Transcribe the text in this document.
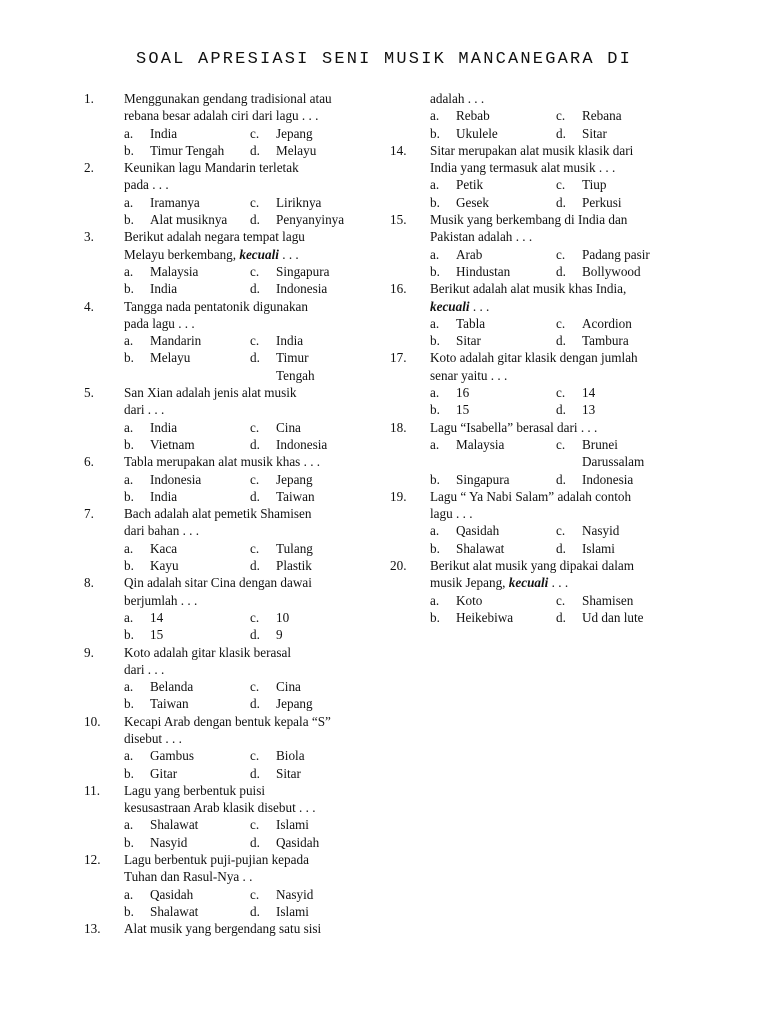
SOAL APRESIASI SENI MUSIK MANCANEGARA DI
1.	Menggunakan gendang tradisional atau
rebana besar adalah ciri dari lagu . . .
a.	India	c.	Jepang
b.	Timur Tengah	d.	Melayu
2.	Keunikan lagu Mandarin terletak
pada . . .
a.	Iramanya	c.	Liriknya
b.	Alat musiknya	d.	Penyanyinya
3.	Berikut adalah negara tempat lagu
Melayu berkembang, kecuali . . .
a.	Malaysia	c.	Singapura
b.	India	d.	Indonesia
4.	Tangga nada pentatonik digunakan
pada lagu . . .
a.	Mandarin	c.	India
b.	Melayu	d.	Timur
Tengah
5.	San Xian adalah jenis alat musik
dari . . .
a.	India	c.	Cina
b.	Vietnam	d.	Indonesia
6.	Tabla merupakan alat musik khas . . .
a.	Indonesia	c.	Jepang
b.	India	d.	Taiwan
7.	Bach adalah alat pemetik Shamisen
dari bahan . . .
a.	Kaca	c.	Tulang
b.	Kayu	d.	Plastik
8.	Qin adalah sitar Cina dengan dawai
berjumlah . . .
a.	14	c.	10
b.	15	d.	9
9.	Koto adalah gitar klasik berasal
dari . . .
a.	Belanda	c.	Cina
b.	Taiwan	d.	Jepang
10.	Kecapi Arab dengan bentuk kepala “S”
disebut . . .
a.	Gambus	c.	Biola
b.	Gitar	d.	Sitar
11.	Lagu yang berbentuk puisi
kesusastraan Arab klasik disebut . . .
a.	Shalawat	c.	Islami
b.	Nasyid	d.	Qasidah
12.	Lagu berbentuk puji-pujian kepada
Tuhan dan Rasul-Nya . .
a.	Qasidah	c.	Nasyid
b.	Shalawat	d.	Islami
13.	Alat musik yang bergendang satu sisi
adalah . . .
a.	Rebab	c.	Rebana
b.	Ukulele	d.	Sitar
14.	Sitar merupakan alat musik klasik dari
India yang termasuk alat musik . . .
a.	Petik	c.	Tiup
b.	Gesek	d.	Perkusi
15.	Musik yang berkembang di India dan
Pakistan adalah . . .
a.	Arab	c.	Padang pasir
b.	Hindustan	d.	Bollywood
16.	Berikut adalah alat musik khas India,
kecuali . . .
a.	Tabla	c.	Acordion
b.	Sitar	d.	Tambura
17.	Koto adalah gitar klasik dengan jumlah
senar yaitu . . .
a.	16	c.	14
b.	15	d.	13
18.	Lagu “Isabella” berasal dari . . .
a.	Malaysia	c.	Brunei
Darussalam
b.	Singapura	d.	Indonesia
19.	Lagu “ Ya Nabi Salam” adalah contoh
lagu . . .
a.	Qasidah	c.	Nasyid
b.	Shalawat	d.	Islami
20.	Berikut alat musik yang dipakai dalam
musik Jepang, kecuali . . .
a.	Koto	c.	Shamisen
b.	Heikebiwa	d.	Ud dan lute
